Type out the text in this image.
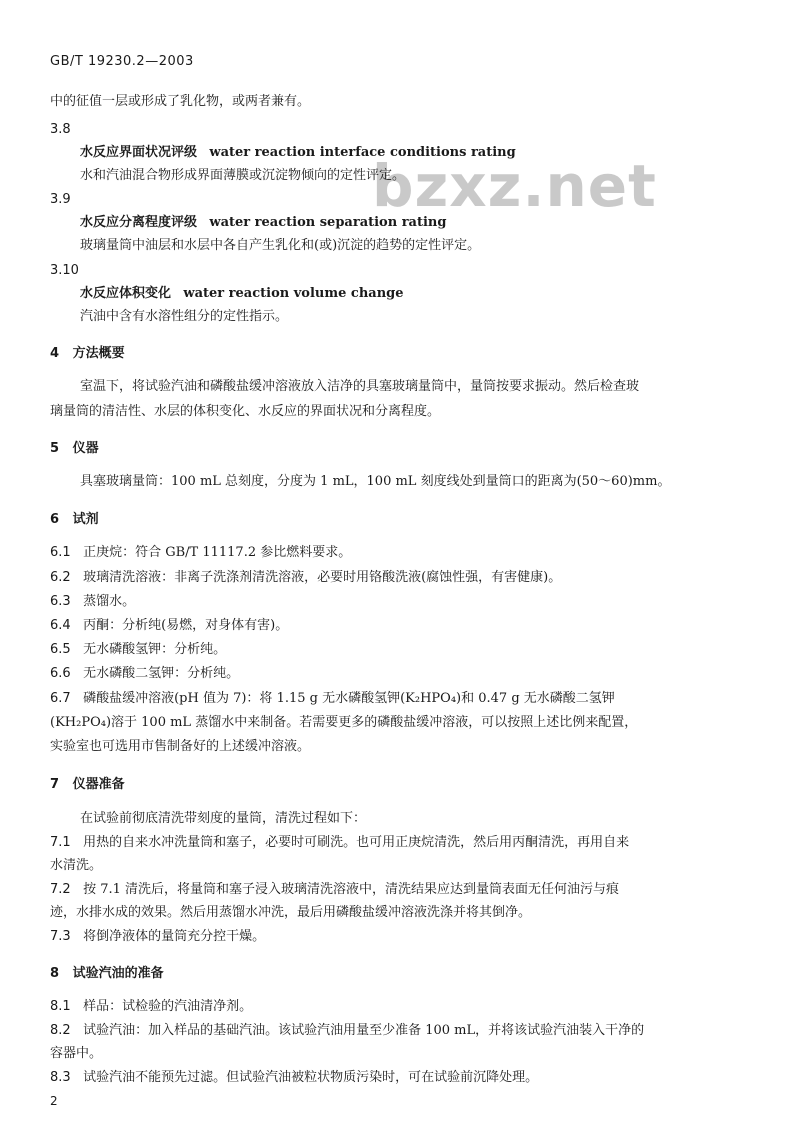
GB/T 19230.2—2003
bzxz.net
中的征值一层或形成了乳化物，或两者兼有。
3.8
水反应界面状况评级 water reaction interface conditions rating
水和汽油混合物形成界面薄膜或沉淀物倾向的定性评定。
3.9
水反应分离程度评级 water reaction separation rating
玻璃量筒中油层和水层中各自产生乳化和(或)沉淀的趋势的定性评定。
3.10
水反应体积变化 water reaction volume change
汽油中含有水溶性组分的定性指示。
4 方法概要
室温下，将试验汽油和磷酸盐缓冲溶液放入洁净的具塞玻璃量筒中，量筒按要求振动。然后检查玻
璃量筒的清洁性、水层的体积变化、水反应的界面状况和分离程度。
5 仪器
具塞玻璃量筒：100 mL 总刻度，分度为 1 mL，100 mL 刻度线处到量筒口的距离为(50～60)mm。
6 试剂
6.1 正庚烷：符合 GB/T 11117.2 参比燃料要求。
6.2 玻璃清洗溶液：非离子洗涤剂清洗溶液，必要时用铬酸洗液(腐蚀性强，有害健康)。
6.3 蒸馏水。
6.4 丙酮：分析纯(易燃，对身体有害)。
6.5 无水磷酸氢钾：分析纯。
6.6 无水磷酸二氢钾：分析纯。
6.7 磷酸盐缓冲溶液(pH 值为 7)：将 1.15 g 无水磷酸氢钾(K₂HPO₄)和 0.47 g 无水磷酸二氢钾
(KH₂PO₄)溶于 100 mL 蒸馏水中来制备。若需要更多的磷酸盐缓冲溶液，可以按照上述比例来配置，
实验室也可选用市售制备好的上述缓冲溶液。
7 仪器准备
在试验前彻底清洗带刻度的量筒，清洗过程如下：
7.1 用热的自来水冲洗量筒和塞子，必要时可刷洗。也可用正庚烷清洗，然后用丙酮清洗，再用自来
水清洗。
7.2 按 7.1 清洗后，将量筒和塞子浸入玻璃清洗溶液中，清洗结果应达到量筒表面无任何油污与痕
迹，水排水成的效果。然后用蒸馏水冲洗，最后用磷酸盐缓冲溶液洗涤并将其倒净。
7.3 将倒净液体的量筒充分控干燥。
8 试验汽油的准备
8.1 样品：试检验的汽油清净剂。
8.2 试验汽油：加入样品的基础汽油。该试验汽油用量至少准备 100 mL，并将该试验汽油装入干净的
容器中。
8.3 试验汽油不能预先过滤。但试验汽油被粒状物质污染时，可在试验前沉降处理。
2
